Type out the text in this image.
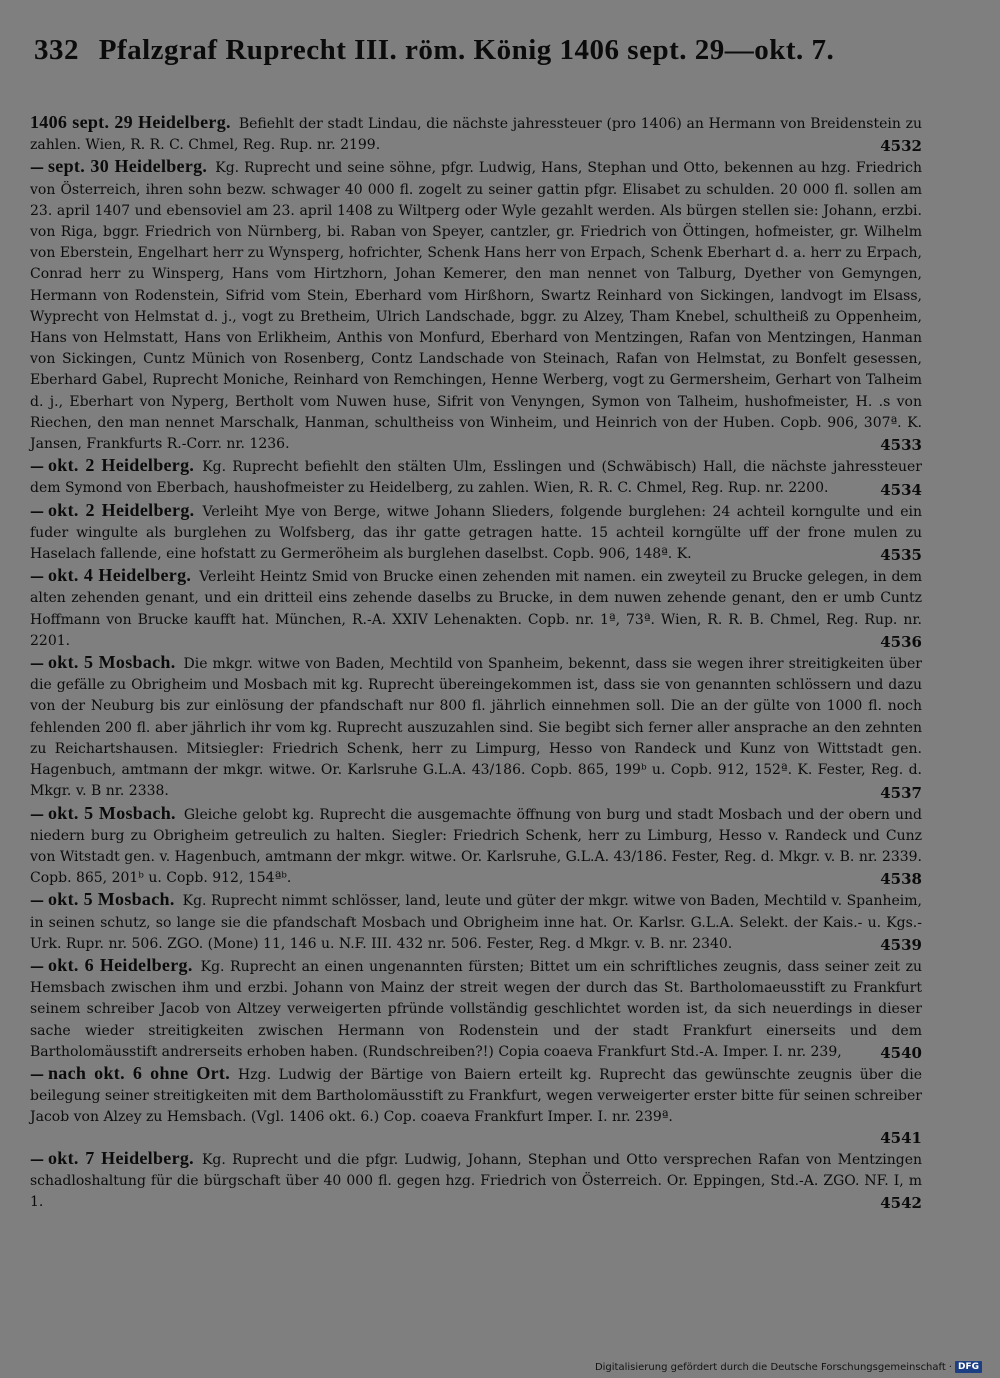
332 Pfalzgraf Ruprecht III. röm. König 1406 sept. 29—okt. 7.
1406 sept. 29 Heidelberg. Befiehlt der stadt Lindau, die nächste jahressteuer (pro 1406) an Hermann von Breidenstein zu zahlen. Wien, R. R. C. Chmel, Reg. Rup. nr. 2199.	4532
— sept. 30 Heidelberg. Kg. Ruprecht und seine söhne, pfgr. Ludwig, Hans, Stephan und Otto, bekennen au hzg. Friedrich von Österreich, ihren sohn bezw. schwager 40 000 fl. zogelt zu seiner gattin pfgr. Elisabet zu schulden. 20 000 fl. sollen am 23. april 1407 und ebensoviel am 23. april 1408 zu Wiltperg oder Wyle gezahlt werden. Als bürgen stellen sie: Johann, erzbi. von Riga, bggr. Friedrich von Nürnberg, bi. Raban von Speyer, cantzler, gr. Friedrich von Öttingen, hofmeister, gr. Wilhelm von Eberstein, Engelhart herr zu Wynsperg, hofrichter, Schenk Hans herr von Erpach, Schenk Eberhart d. a. herr zu Erpach, Conrad herr zu Winsperg, Hans vom Hirtzhorn, Johan Kemerer, den man nennet von Talburg, Dyether von Gemyngen, Hermann von Rodenstein, Sifrid vom Stein, Eberhard vom Hirßhorn, Swartz Reinhard von Sickingen, landvogt im Elsass, Wyprecht von Helmstat d. j., vogt zu Bretheim, Ulrich Landschade, bggr. zu Alzey, Tham Knebel, schultheiß zu Oppenheim, Hans von Helmstatt, Hans von Erlikheim, Anthis von Monfurd, Eberhard von Mentzingen, Rafan von Mentzingen, Hanman von Sickingen, Cuntz Münich von Rosenberg, Contz Landschade von Steinach, Rafan von Helmstat, zu Bonfelt gesessen, Eberhard Gabel, Ruprecht Moniche, Reinhard von Remchingen, Henne Werberg, vogt zu Germersheim, Gerhart von Talheim d. j., Eberhart von Nyperg, Bertholt vom Nuwen huse, Sifrit von Venyngen, Symon von Talheim, hushofmeister, H. .s von Riechen, den man nennet Marschalk, Hanman, schultheiss von Winheim, und Heinrich von der Huben. Copb. 906, 307ª. K. Jansen, Frankfurts R.-Corr. nr. 1236.	4533
— okt. 2 Heidelberg. Kg. Ruprecht befiehlt den stälten Ulm, Esslingen und (Schwäbisch) Hall, die nächste jahressteuer dem Symond von Eberbach, haushofmeister zu Heidelberg, zu zahlen. Wien, R. R. C. Chmel, Reg. Rup. nr. 2200.	4534
— okt. 2 Heidelberg. Verleiht Mye von Berge, witwe Johann Slieders, folgende burglehen: 24 achteil korngulte und ein fuder wingulte als burglehen zu Wolfsberg, das ihr gatte getragen hatte. 15 achteil korngülte uff der frone mulen zu Haselach fallende, eine hofstatt zu Germeröheim als burglehen daselbst. Copb. 906, 148ª. K.	4535
— okt. 4 Heidelberg. Verleiht Heintz Smid von Brucke einen zehenden mit namen. ein zweyteil zu Brucke gelegen, in dem alten zehenden genant, und ein dritteil eins zehende daselbs zu Brucke, in dem nuwen zehende genant, den er umb Cuntz Hoffmann von Brucke kaufft hat. München, R.-A. XXIV Lehenakten. Copb. nr. 1ª, 73ª. Wien, R. R. B. Chmel, Reg. Rup. nr. 2201.	4536
— okt. 5 Mosbach. Die mkgr. witwe von Baden, Mechtild von Spanheim, bekennt, dass sie wegen ihrer streitigkeiten über die gefälle zu Obrigheim und Mosbach mit kg. Ruprecht übereingekommen ist, dass sie von genannten schlössern und dazu von der Neuburg bis zur einlösung der pfandschaft nur 800 fl. jährlich einnehmen soll. Die an der gülte von 1000 fl. noch fehlenden 200 fl. aber jährlich ihr vom kg. Ruprecht auszuzahlen sind. Sie begibt sich ferner aller ansprache an den zehnten zu Reichartshausen. Mitsiegler: Friedrich Schenk, herr zu Limpurg, Hesso von Randeck und Kunz von Wittstadt gen. Hagenbuch, amtmann der mkgr. witwe. Or. Karlsruhe G.L.A. 43/186. Copb. 865, 199ᵇ u. Copb. 912, 152ª. K. Fester, Reg. d. Mkgr. v. B nr. 2338.	4537
— okt. 5 Mosbach. Gleiche gelobt kg. Ruprecht die ausgemachte öffnung von burg und stadt Mosbach und der obern und niedern burg zu Obrigheim getreulich zu halten. Siegler: Friedrich Schenk, herr zu Limburg, Hesso v. Randeck und Cunz von Witstadt gen. v. Hagenbuch, amtmann der mkgr. witwe. Or. Karlsruhe, G.L.A. 43/186. Fester, Reg. d. Mkgr. v. B. nr. 2339. Copb. 865, 201ᵇ u. Copb. 912, 154ªᵇ.	4538
— okt. 5 Mosbach. Kg. Ruprecht nimmt schlösser, land, leute und güter der mkgr. witwe von Baden, Mechtild v. Spanheim, in seinen schutz, so lange sie die pfandschaft Mosbach und Obrigheim inne hat. Or. Karlsr. G.L.A. Selekt. der Kais.- u. Kgs.-Urk. Rupr. nr. 506. ZGO. (Mone) 11, 146 u. N.F. III. 432 nr. 506. Fester, Reg. d Mkgr. v. B. nr. 2340.	4539
— okt. 6 Heidelberg. Kg. Ruprecht an einen ungenannten fürsten; Bittet um ein schriftliches zeugnis, dass seiner zeit zu Hemsbach zwischen ihm und erzbi. Johann von Mainz der streit wegen der durch das St. Bartholomaeusstift zu Frankfurt seinem schreiber Jacob von Altzey verweigerten pfründe vollständig geschlichtet worden ist, da sich neuerdings in dieser sache wieder streitigkeiten zwischen Hermann von Rodenstein und der stadt Frankfurt einerseits und dem Bartholomäusstift andrerseits erhoben haben. (Rundschreiben?!) Copia coaeva Frankfurt Std.-A. Imper. I. nr. 239,	4540
— nach okt. 6 ohne Ort. Hzg. Ludwig der Bärtige von Baiern erteilt kg. Ruprecht das gewünschte zeugnis über die beilegung seiner streitigkeiten mit dem Bartholomäusstift zu Frankfurt, wegen verweigerter erster bitte für seinen schreiber Jacob von Alzey zu Hemsbach. (Vgl. 1406 okt. 6.) Cop. coaeva Frankfurt Imper. I. nr. 239ª.
4541
— okt. 7 Heidelberg. Kg. Ruprecht und die pfgr. Ludwig, Johann, Stephan und Otto versprechen Rafan von Mentzingen schadloshaltung für die bürgschaft über 40 000 fl. gegen hzg. Friedrich von Österreich. Or. Eppingen, Std.-A. ZGO. NF. I, m 1.	4542
Digitalisierung gefördert durch die Deutsche Forschungsgemeinschaft · DFG
